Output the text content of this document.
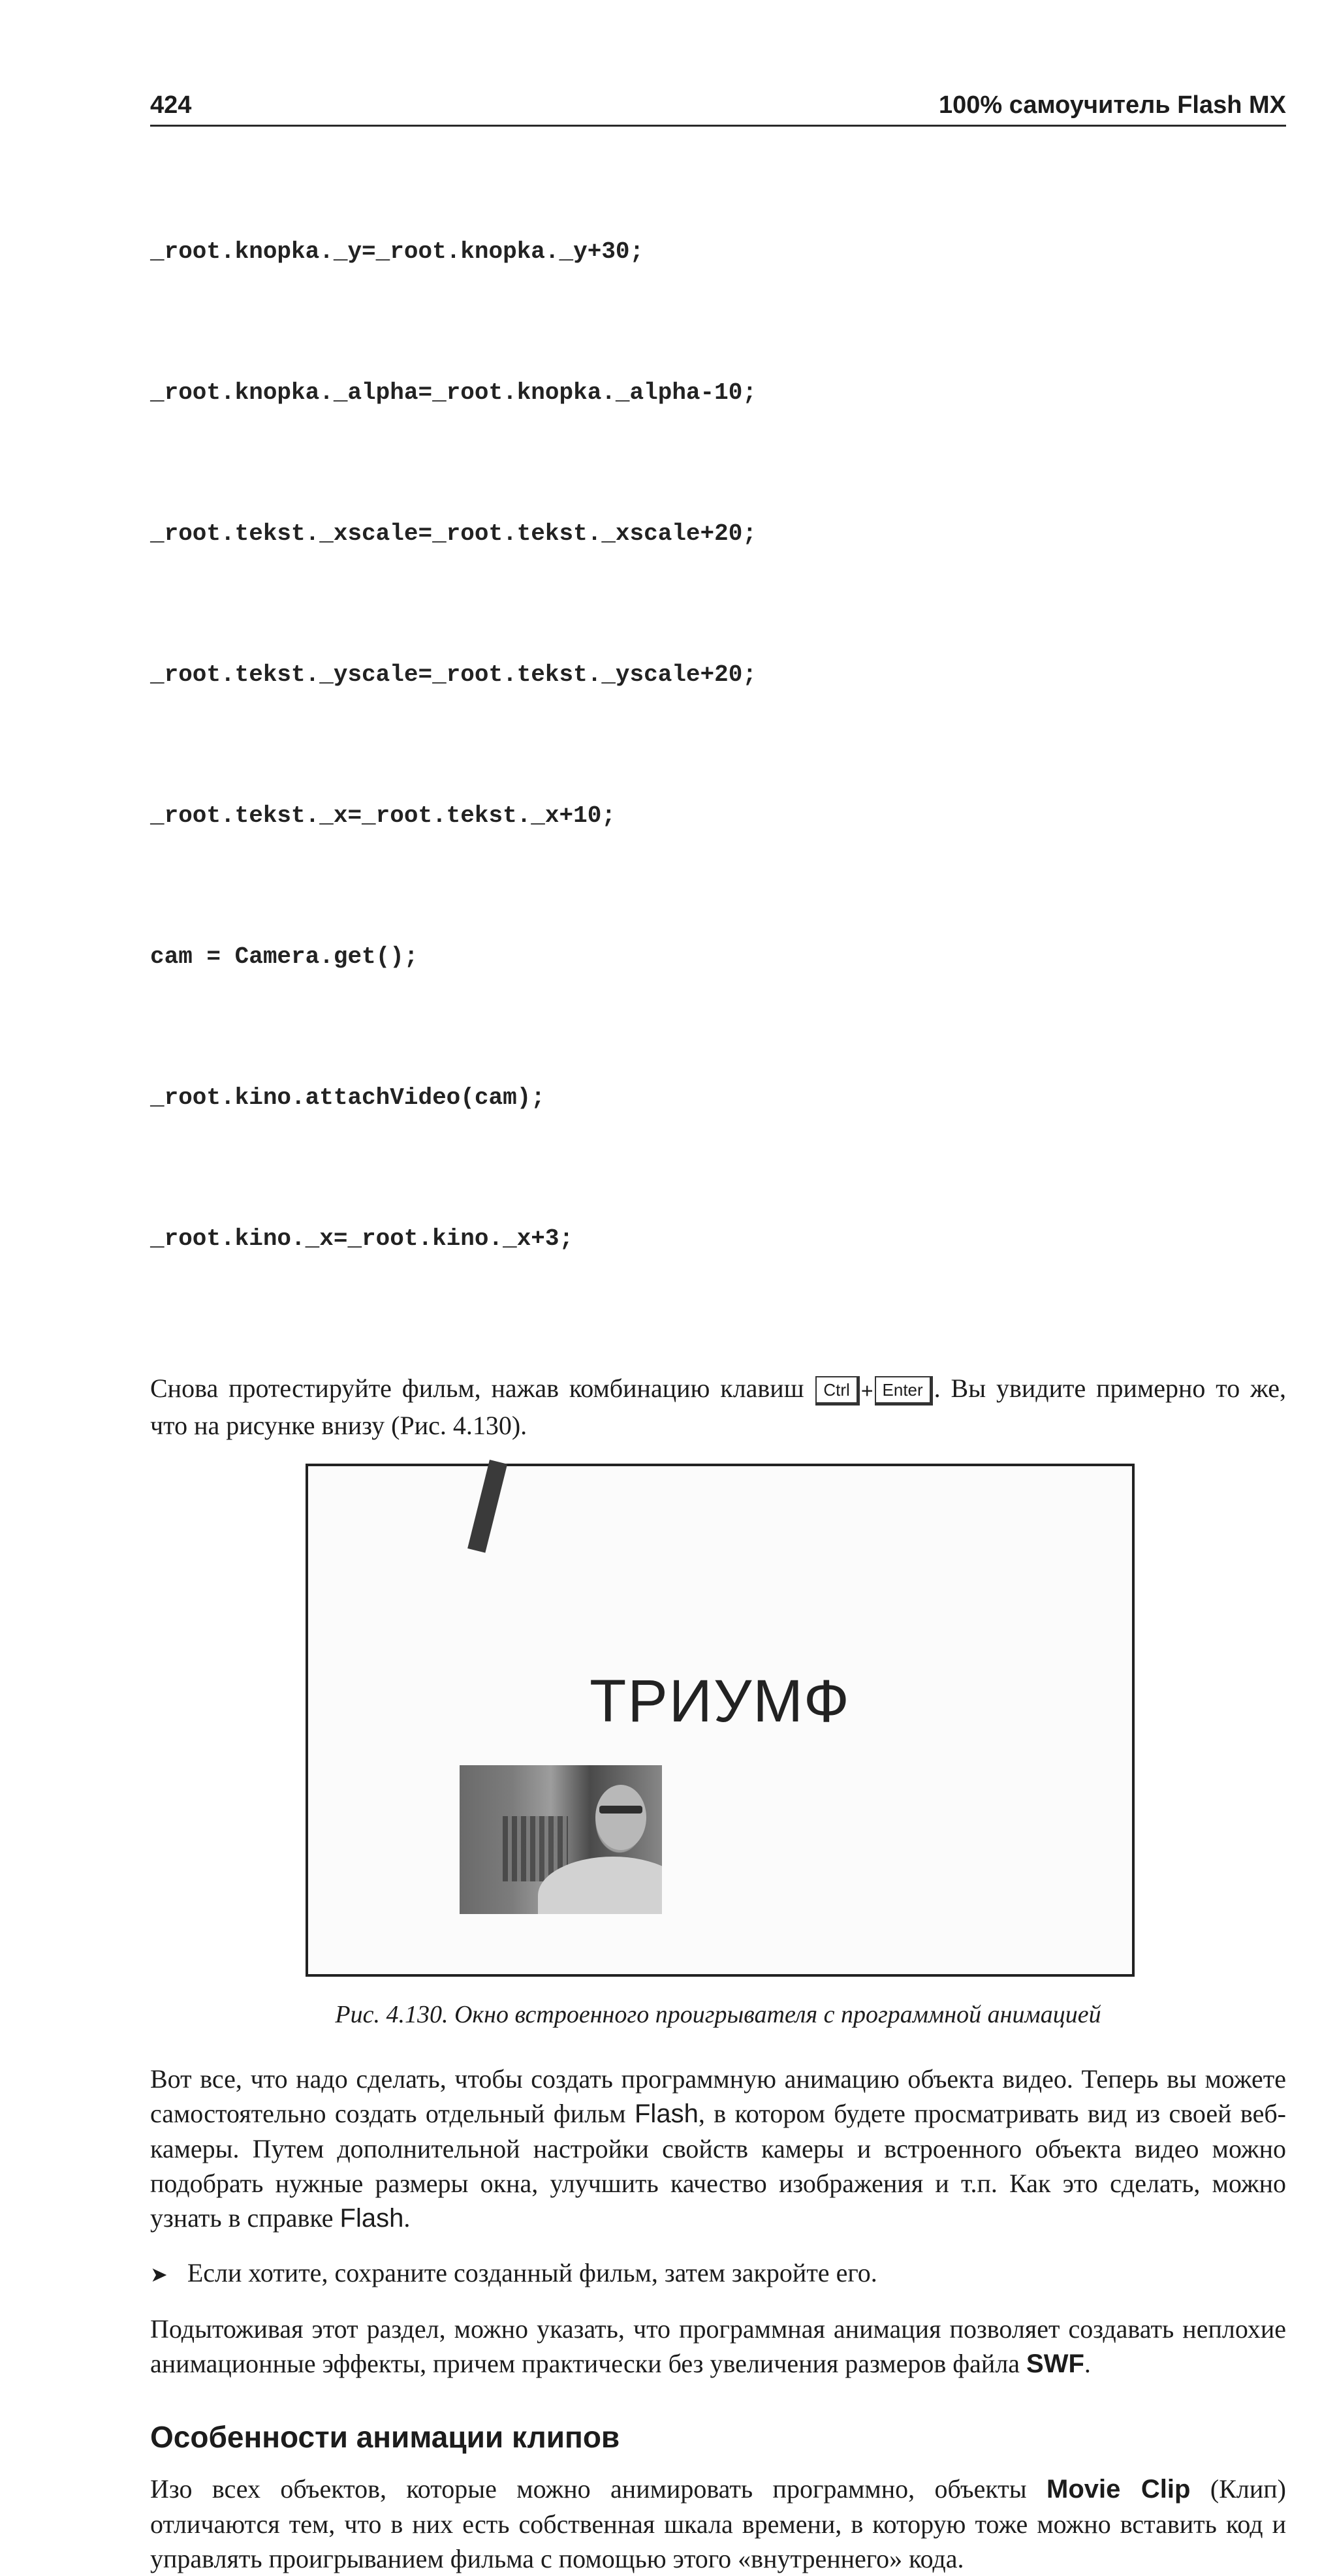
424	100% самоучитель Flash MX

_root.knopka._y=_root.knopka._y+30;

_root.knopka._alpha=_root.knopka._alpha-10;

_root.tekst._xscale=_root.tekst._xscale+20;

_root.tekst._yscale=_root.tekst._yscale+20;

_root.tekst._x=_root.tekst._x+10;

cam = Camera.get();

_root.kino.attachVideo(cam);

_root.kino._x=_root.kino._x+3;

Снова протестируйте фильм, нажав комбинацию клавиш Ctrl + Enter . Вы увидите примерно то же, что на рисунке внизу (Рис. 4.130).

ТРИУМФ
Рис. 4.130. Окно встроенного проигрывателя с программной анимацией

Вот все, что надо сделать, чтобы создать программную анимацию объекта видео. Теперь вы можете самостоятельно создать отдельный фильм Flash, в котором будете просматривать вид из своей веб-камеры. Путем дополнительной настройки свойств камеры и встроенного объекта видео можно подобрать нужные размеры окна, улучшить качество изображения и т.п. Как это сделать, можно узнать в справке Flash.

➤ Если хотите, сохраните созданный фильм, затем закройте его.

Подытоживая этот раздел, можно указать, что программная анимация позволяет создавать неплохие анимационные эффекты, причем практически без увеличения размеров файла SWF.

Особенности анимации клипов

Изо всех объектов, которые можно анимировать программно, объекты Movie Clip (Клип) отличаются тем, что в них есть собственная шкала времени, в которую тоже можно вставить код и управлять проигрыванием фильма с помощью этого «внутреннего» кода.
